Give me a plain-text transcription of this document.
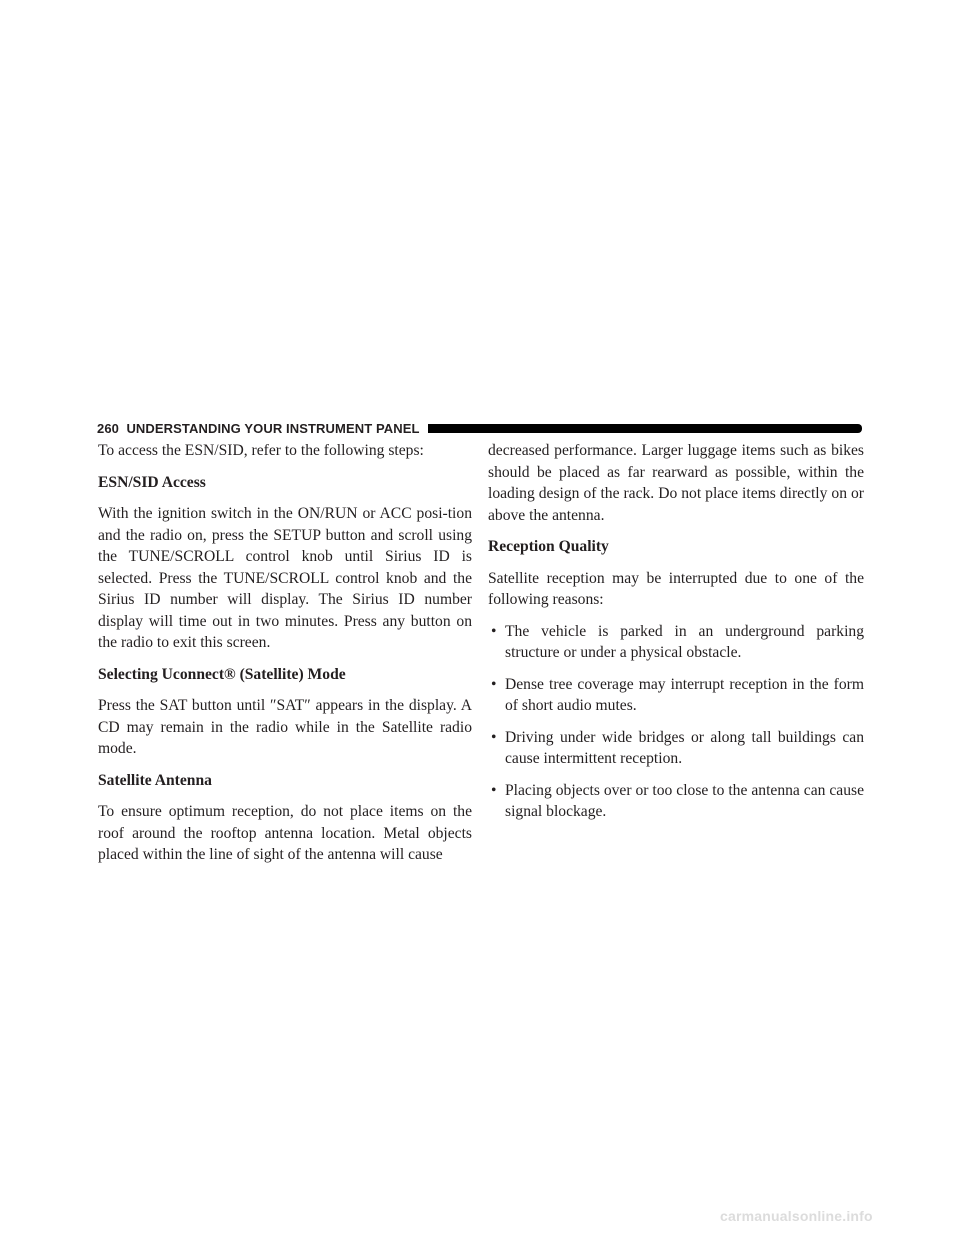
260 UNDERSTANDING YOUR INSTRUMENT PANEL

To access the ESN/SID, refer to the following steps:

ESN/SID Access

With the ignition switch in the ON/RUN or ACC posi-tion and the radio on, press the SETUP button and scroll using the TUNE/SCROLL control knob until Sirius ID is selected. Press the TUNE/SCROLL control knob and the Sirius ID number will display. The Sirius ID number display will time out in two minutes. Press any button on the radio to exit this screen.

Selecting Uconnect® (Satellite) Mode

Press the SAT button until ″SAT″ appears in the display. A CD may remain in the radio while in the Satellite radio mode.

Satellite Antenna

To ensure optimum reception, do not place items on the roof around the rooftop antenna location. Metal objects placed within the line of sight of the antenna will cause

decreased performance. Larger luggage items such as bikes should be placed as far rearward as possible, within the loading design of the rack. Do not place items directly on or above the antenna.

Reception Quality

Satellite reception may be interrupted due to one of the following reasons:

• The vehicle is parked in an underground parking structure or under a physical obstacle.
• Dense tree coverage may interrupt reception in the form of short audio mutes.
• Driving under wide bridges or along tall buildings can cause intermittent reception.
• Placing objects over or too close to the antenna can cause signal blockage.
carmanualsonline.info
